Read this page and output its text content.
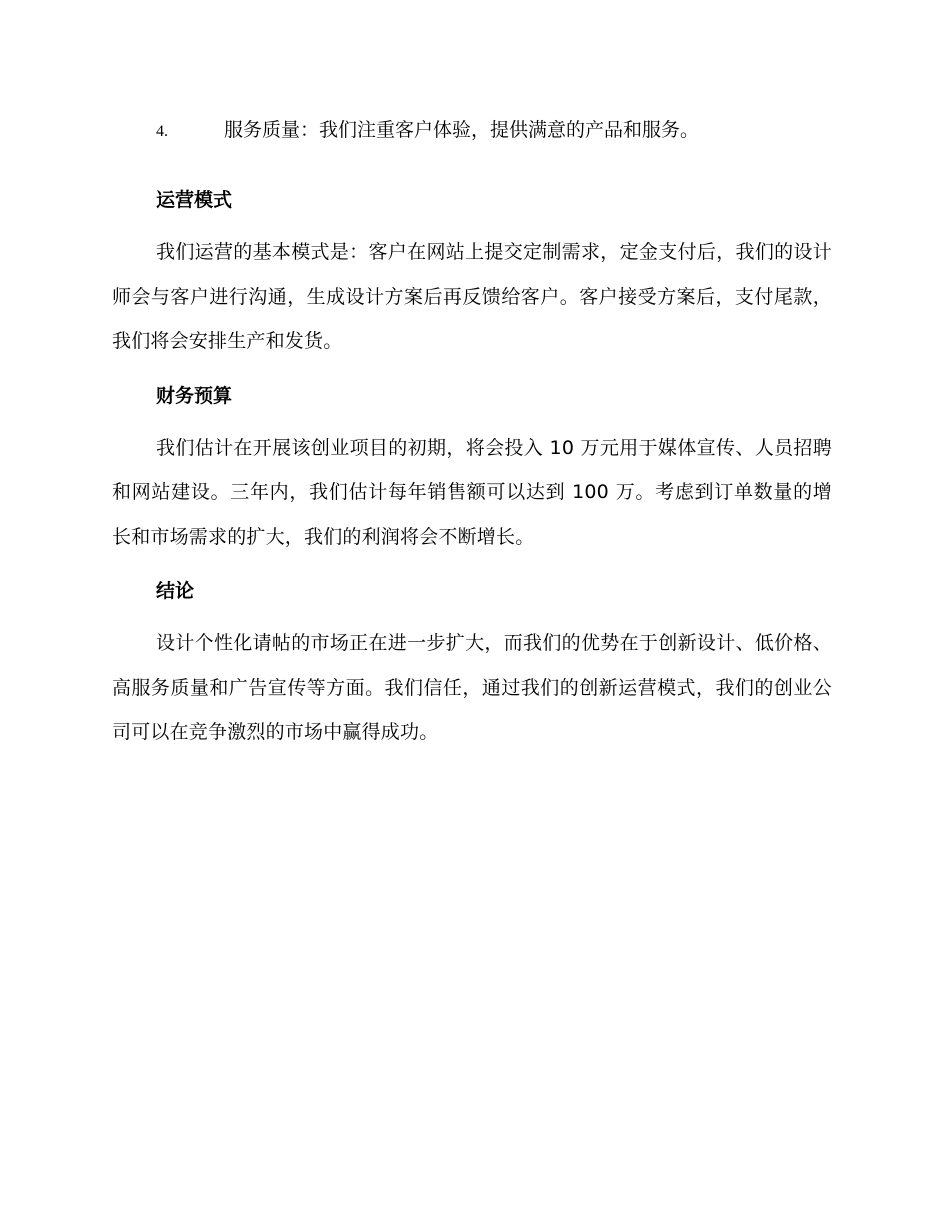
4.	服务质量：我们注重客户体验，提供满意的产品和服务。
运营模式

我们运营的基本模式是：客户在网站上提交定制需求，定金支付后，我们的设计师会与客户进行沟通，生成设计方案后再反馈给客户。客户接受方案后，支付尾款，我们将会安排生产和发货。

财务预算

我们估计在开展该创业项目的初期，将会投入 10 万元用于媒体宣传、人员招聘和网站建设。三年内，我们估计每年销售额可以达到 100 万。考虑到订单数量的增长和市场需求的扩大，我们的利润将会不断增长。

结论

设计个性化请帖的市场正在进一步扩大，而我们的优势在于创新设计、低价格、高服务质量和广告宣传等方面。我们信任，通过我们的创新运营模式，我们的创业公司可以在竞争激烈的市场中赢得成功。
